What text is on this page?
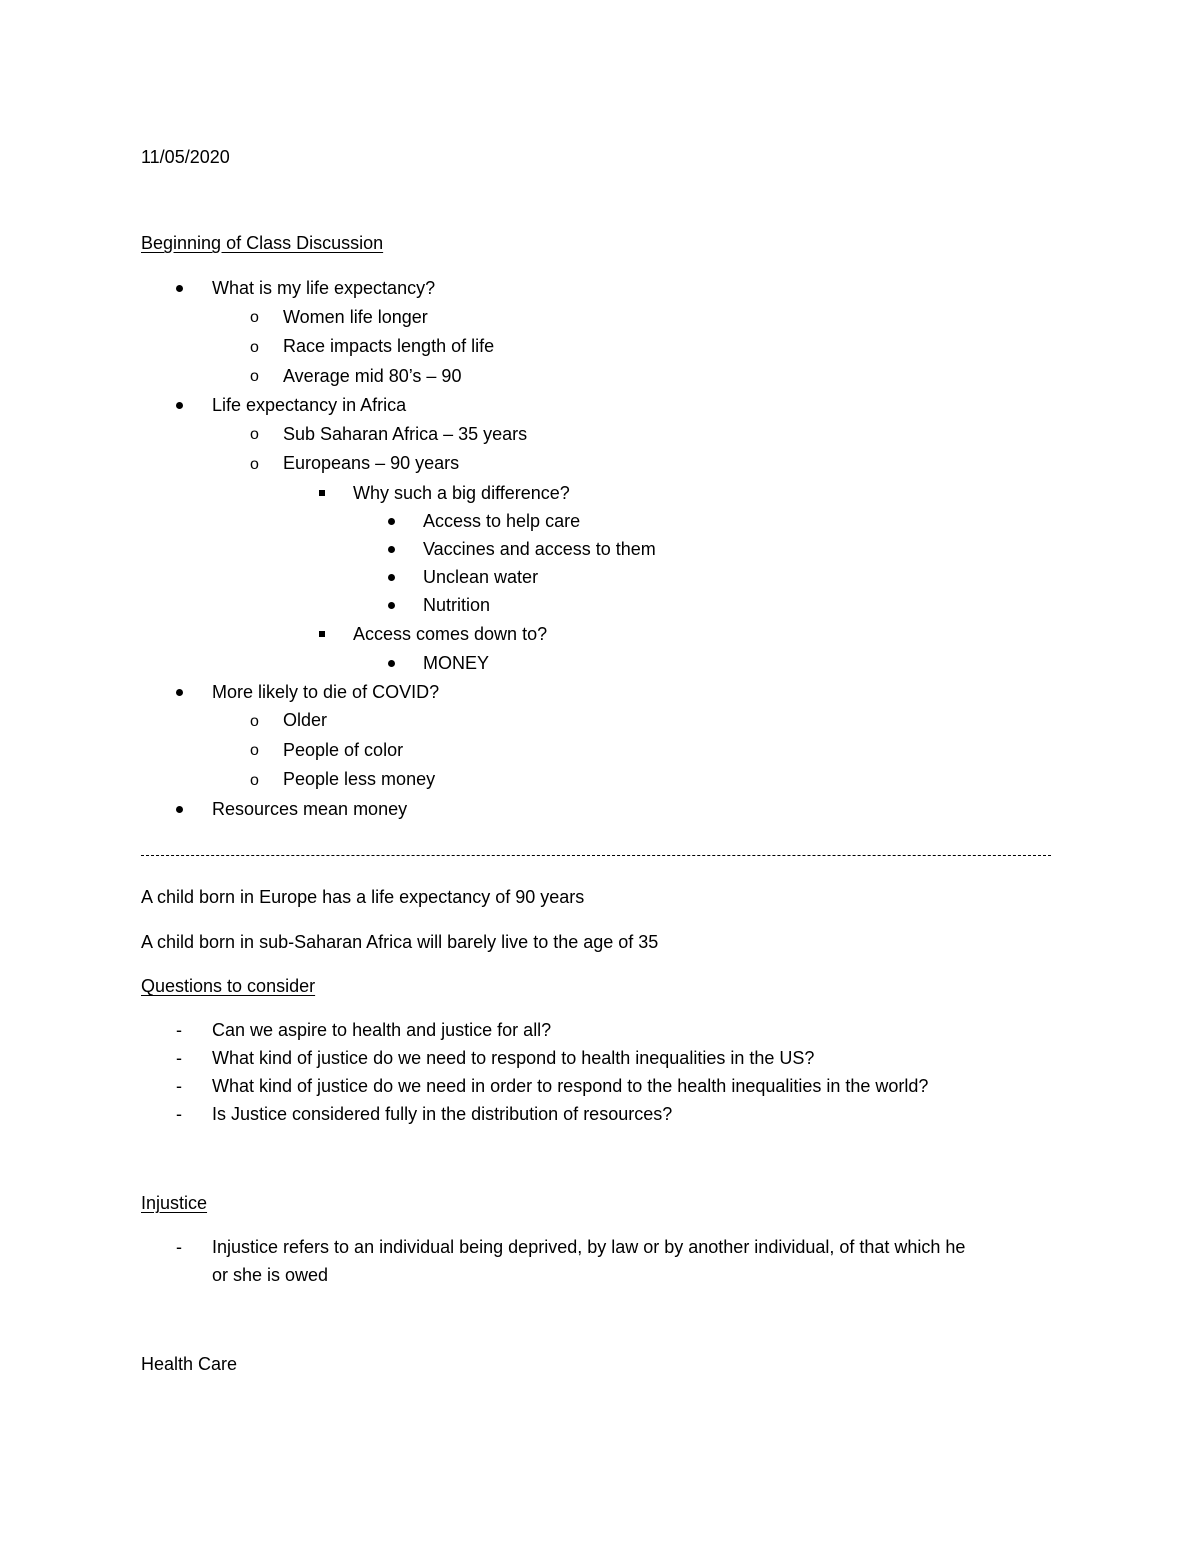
11/05/2020
Beginning of Class Discussion
What is my life expectancy?
o Women life longer
o Race impacts length of life
o Average mid 80’s – 90
Life expectancy in Africa
o Sub Saharan Africa – 35 years
o Europeans – 90 years
Why such a big difference?
Access to help care
Vaccines and access to them
Unclean water
Nutrition
Access comes down to?
MONEY
More likely to die of COVID?
o Older
o People of color
o People less money
Resources mean money
A child born in Europe has a life expectancy of 90 years
A child born in sub-Saharan Africa will barely live to the age of 35
Questions to consider
- Can we aspire to health and justice for all?
- What kind of justice do we need to respond to health inequalities in the US?
- What kind of justice do we need in order to respond to the health inequalities in the world?
- Is Justice considered fully in the distribution of resources?
Injustice
- Injustice refers to an individual being deprived, by law or by another individual, of that which he
or she is owed
Health Care
